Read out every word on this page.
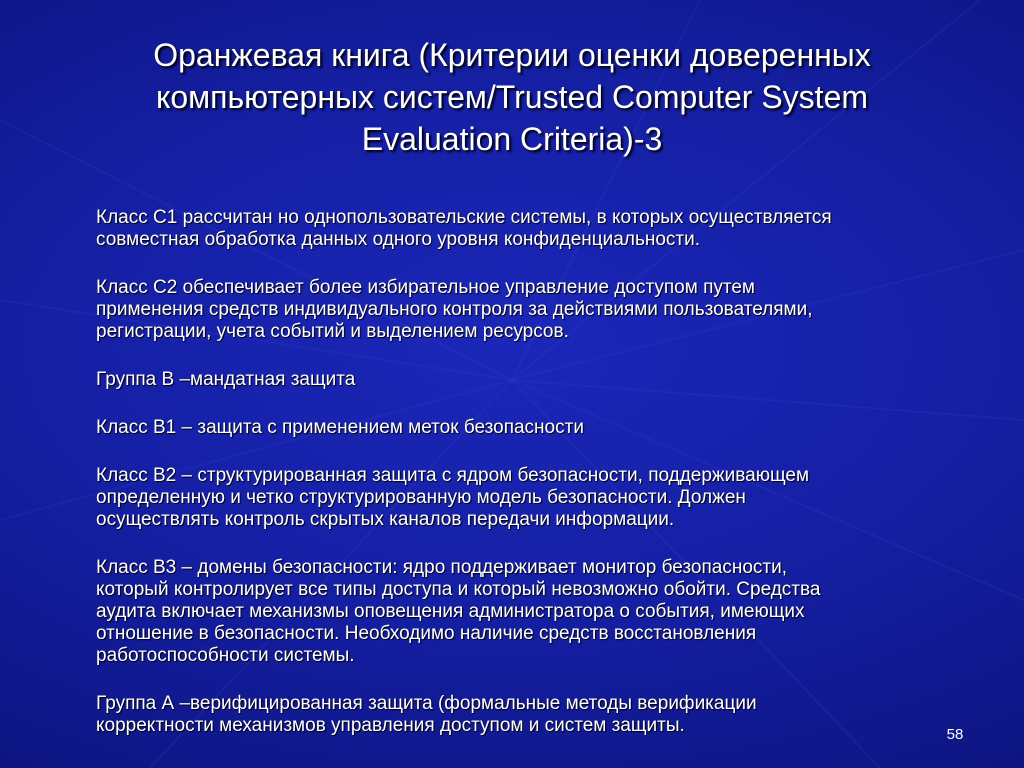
Оранжевая книга (Критерии оценки доверенных
компьютерных систем/Trusted Computer System
Evaluation Criteria)-3
Класс С1 рассчитан но однопользовательские системы, в которых осуществляется
совместная обработка данных одного уровня конфиденциальности.
Класс С2 обеспечивает более избирательное управление доступом путем
применения средств индивидуального контроля за действиями пользователями,
регистрации, учета событий и выделением ресурсов.
Группа В –мандатная защита
Класс В1 – защита с применением меток безопасности
Класс В2 – структурированная защита с ядром безопасности, поддерживающем
определенную и четко структурированную модель безопасности. Должен
осуществлять контроль скрытых каналов передачи информации.
Класс В3 – домены безопасности: ядро поддерживает монитор безопасности,
который контролирует все типы доступа и который невозможно обойти. Средства
аудита включает механизмы оповещения администратора о события, имеющих
отношение в безопасности. Необходимо наличие средств восстановления
работоспособности системы.
Группа А –верифицированная защита (формальные методы верификации
корректности механизмов управления доступом и систем защиты.	58
